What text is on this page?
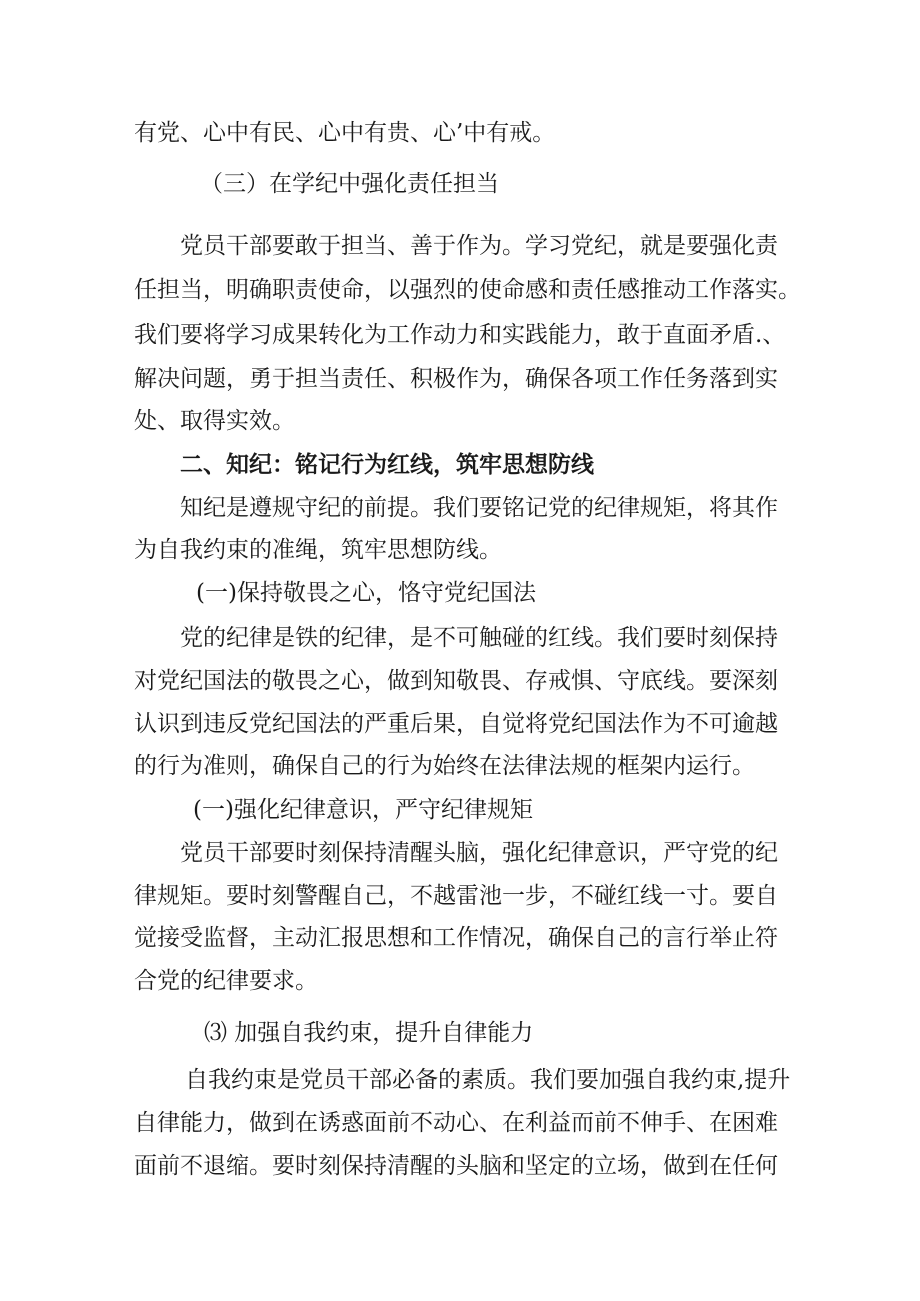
有党、心中有民、心中有贵、心’中有戒。
（三）在学纪中强化责任担当
党员干部要敢于担当、善于作为。学习党纪，就是要强化责
任担当，明确职责使命，以强烈的使命感和责任感推动工作落实。
我们要将学习成果转化为工作动力和实践能力，敢于直面矛盾.、
解决问题，勇于担当责任、积极作为，确保各项工作任务落到实
处、取得实效。
二、知纪：铭记行为红线，筑牢思想防线
知纪是遵规守纪的前提。我们要铭记党的纪律规矩，将其作
为自我约束的准绳，筑牢思想防线。
(一)保持敬畏之心，恪守党纪国法
党的纪律是铁的纪律，是不可触碰的红线。我们要时刻保持
对党纪国法的敬畏之心，做到知敬畏、存戒惧、守底线。要深刻
认识到违反党纪国法的严重后果，自觉将党纪国法作为不可逾越
的行为准则，确保自己的行为始终在法律法规的框架内运行。
(一)强化纪律意识，严守纪律规矩
党员干部要时刻保持清醒头脑，强化纪律意识，严守党的纪
律规矩。要时刻警醒自己，不越雷池一步，不碰红线一寸。要自
觉接受监督，主动汇报思想和工作情况，确保自己的言行举止符
合党的纪律要求。
⑶ 加强自我约束，提升自律能力
自我约束是党员干部必备的素质。我们要加强自我约束,提升
自律能力，做到在诱惑面前不动心、在利益而前不伸手、在困难
面前不退缩。要时刻保持清醒的头脑和坚定的立场，做到在任何
